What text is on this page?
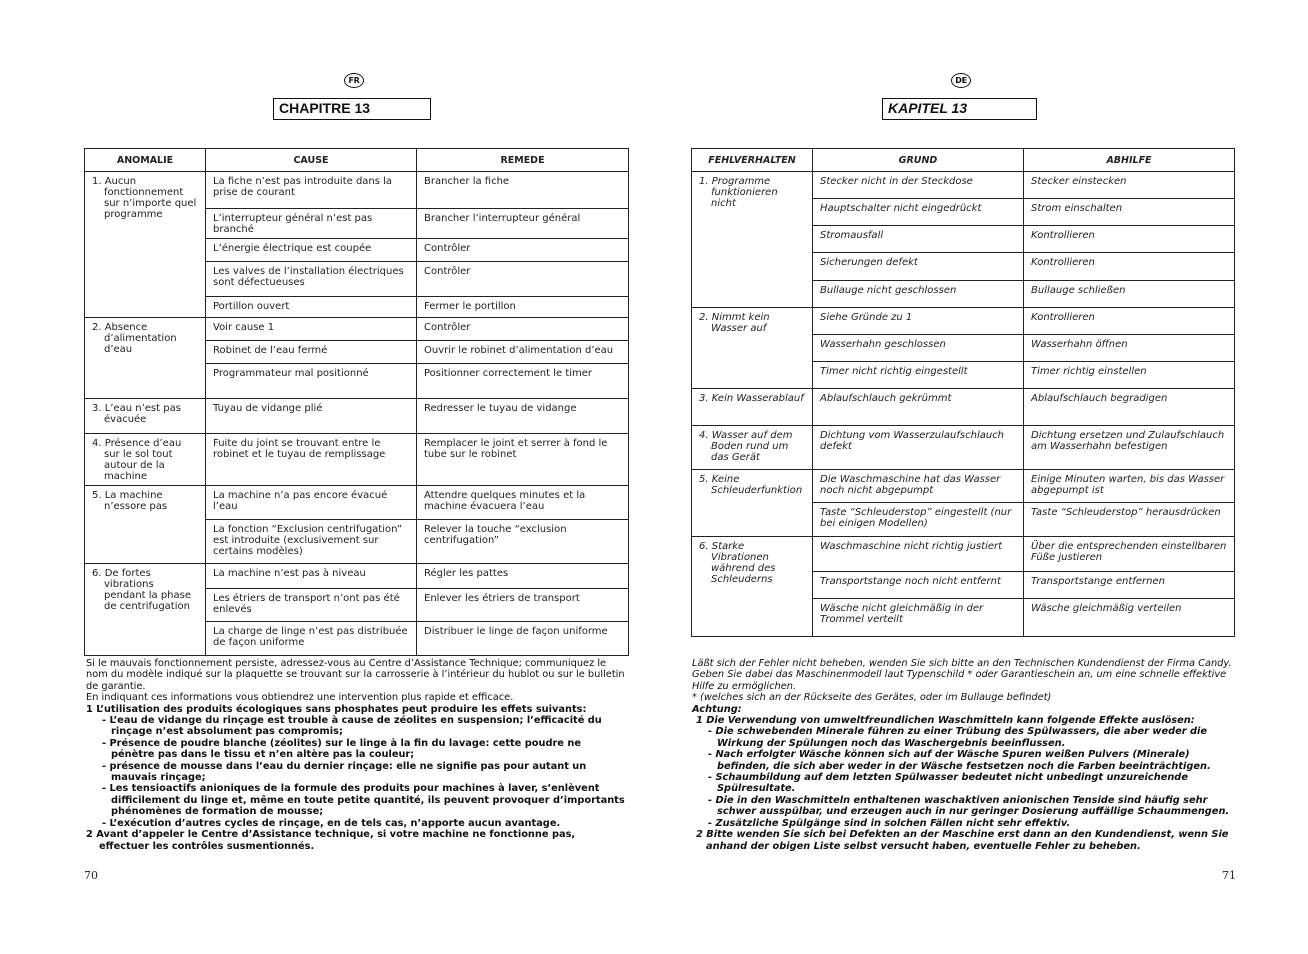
FR
CHAPITRE 13
ANOMALIE	CAUSE	REMEDE

1. Aucun fonctionnement sur n’importe quel programme	La fiche n’est pas introduite dans la prise de courant	Brancher la fiche
	L’interrupteur général n’est pas branché	Brancher l’interrupteur général
	L’énergie électrique est coupée	Contrôler
	Les valves de l’installation électriques sont défectueuses	Contrôler
	Portillon ouvert	Fermer le portillon

2. Absence d’alimentation d’eau	Voir cause 1	Contrôler
	Robinet de l’eau fermé	Ouvrir le robinet d’alimentation d’eau
	Programmateur mal positionné	Positionner correctement le timer

3. L’eau n’est pas évacuée	Tuyau de vidange plié	Redresser le tuyau de vidange

4. Présence d’eau sur le sol tout autour de la machine	Fuite du joint se trouvant entre le robinet et le tuyau de remplissage	Remplacer le joint et serrer à fond le tube sur le robinet

5. La machine n’essore pas	La machine n’a pas encore évacué l’eau	Attendre quelques minutes et la machine évacuera l’eau
	La fonction “Exclusion centrifugation” est introduite (exclusivement sur certains modèles)	Relever la touche “exclusion centrifugation”

6. De fortes vibrations pendant la phase de centrifugation	La machine n’est pas à niveau	Régler les pattes
	Les étriers de transport n’ont pas été enlevés	Enlever les étriers de transport
	La charge de linge n’est pas distribuée de façon uniforme	Distribuer le linge de façon uniforme

Si le mauvais fonctionnement persiste, adressez-vous au Centre d’Assistance Technique; communiquez le nom du modèle indiqué sur la plaquette se trouvant sur la carrosserie à l’intérieur du hublot ou sur le bulletin de garantie.

En indiquant ces informations vous obtiendrez une intervention plus rapide et efficace.

1 L’utilisation des produits écologiques sans phosphates peut produire les effets suivants:

- L’eau de vidange du rinçage est trouble à cause de zéolites en suspension; l’efficacité du rinçage n’est absolument pas compromis;

- Présence de poudre blanche (zéolites) sur le linge à la fin du lavage: cette poudre ne pénètre pas dans le tissu et n’en altère pas la couleur;

- présence de mousse dans l’eau du dernier rinçage: elle ne signifie pas pour autant un mauvais rinçage;

- Les tensioactifs anioniques de la formule des produits pour machines à laver, s’enlèvent difficilement du linge et, même en toute petite quantité, ils peuvent provoquer d’importants phénomènes de formation de mousse;

- L’exécution d’autres cycles de rinçage, en de tels cas, n’apporte aucun avantage.

2 Avant d’appeler le Centre d’Assistance technique, si votre machine ne fonctionne pas, effectuer les contrôles susmentionnés.

70
DE
KAPITEL 13
FEHLVERHALTEN	GRUND	ABHILFE

1. Programme funktionieren nicht	Stecker nicht in der Steckdose	Stecker einstecken
	Hauptschalter nicht eingedrückt	Strom einschalten
	Stromausfall	Kontrollieren
	Sicherungen defekt	Kontrollieren
	Bullauge nicht geschlossen	Bullauge schließen

2. Nimmt kein Wasser auf	Siehe Gründe zu 1	Kontrollieren
	Wasserhahn geschlossen	Wasserhahn öffnen
	Timer nicht richtig eingestellt	Timer richtig einstellen

3. Kein Wasserablauf	Ablaufschlauch gekrümmt	Ablaufschlauch begradigen

4. Wasser auf dem Boden rund um das Gerät	Dichtung vom Wasserzulaufschlauch defekt	Dichtung ersetzen und Zulaufschlauch am Wasserhahn befestigen

5. Keine Schleuderfunktion	Die Waschmaschine hat das Wasser noch nicht abgepumpt	Einige Minuten warten, bis das Wasser abgepumpt ist
	Taste “Schleuderstop” eingestellt (nur bei einigen Modellen)	Taste “Schleuderstop” herausdrücken

6. Starke Vibrationen während des Schleuderns	Waschmaschine nicht richtig justiert	Über die entsprechenden einstellbaren Füße justieren
	Transportstange noch nicht entfernt	Transportstange entfernen
	Wäsche nicht gleichmäßig in der Trommel verteilt	Wäsche gleichmäßig verteilen

Läßt sich der Fehler nicht beheben, wenden Sie sich bitte an den Technischen Kundendienst der Firma Candy. Geben Sie dabei das Maschinenmodell laut Typenschild * oder Garantieschein an, um eine schnelle effektive Hilfe zu ermöglichen.

* (welches sich an der Rückseite des Gerätes, oder im Bullauge befindet)

Achtung:

1 Die Verwendung von umweltfreundlichen Waschmitteln kann folgende Effekte auslösen:

- Die schwebenden Minerale führen zu einer Trübung des Spülwassers, die aber weder die Wirkung der Spülungen noch das Waschergebnis beeinflussen.

- Nach erfolgter Wäsche können sich auf der Wäsche Spuren weißen Pulvers (Minerale) befinden, die sich aber weder in der Wäsche festsetzen noch die Farben beeinträchtigen.

- Schaumbildung auf dem letzten Spülwasser bedeutet nicht unbedingt unzureichende Spülresultate.

- Die in den Waschmitteln enthaltenen waschaktiven anionischen Tenside sind häufig sehr schwer ausspülbar, und erzeugen auch in nur geringer Dosierung auffällige Schaummengen.

- Zusätzliche Spülgänge sind in solchen Fällen nicht sehr effektiv.

2 Bitte wenden Sie sich bei Defekten an der Maschine erst dann an den Kundendienst, wenn Sie anhand der obigen Liste selbst versucht haben, eventuelle Fehler zu beheben.

71
